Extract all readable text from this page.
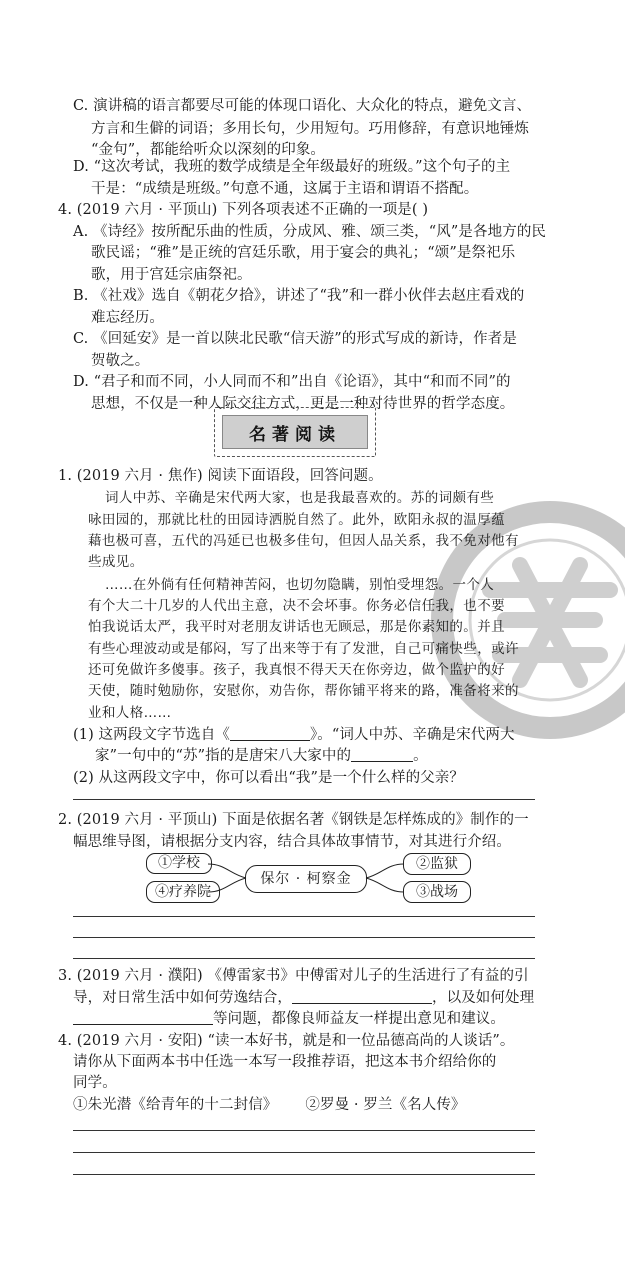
C. 演讲稿的语言都要尽可能的体现口语化、大众化的特点，避免文言、
方言和生僻的词语；多用长句，少用短句。巧用修辞，有意识地锤炼
“金句”，都能给听众以深刻的印象。
D. “这次考试，我班的数学成绩是全年级最好的班级。”这个句子的主
干是：“成绩是班级。”句意不通，这属于主语和谓语不搭配。
4. (2019 六月 · 平顶山) 下列各项表述不正确的一项是( )
A. 《诗经》按所配乐曲的性质，分成风、雅、颂三类，“风”是各地方的民
歌民谣；“雅”是正统的宫廷乐歌，用于宴会的典礼；“颂”是祭祀乐
歌，用于宫廷宗庙祭祀。
B. 《社戏》选自《朝花夕拾》，讲述了“我”和一群小伙伴去赵庄看戏的
难忘经历。
C. 《回延安》是一首以陕北民歌“信天游”的形式写成的新诗，作者是
贺敬之。
D. “君子和而不同，小人同而不和”出自《论语》，其中“和而不同”的
思想，不仅是一种人际交往方式，更是一种对待世界的哲学态度。
名著阅读
1. (2019 六月 · 焦作) 阅读下面语段，回答问题。
词人中苏、辛确是宋代两大家，也是我最喜欢的。苏的词颇有些
咏田园的，那就比杜的田园诗洒脱自然了。此外，欧阳永叔的温厚蕴
藉也极可喜，五代的冯延已也极多佳句，但因人品关系，我不免对他有
些成见。
……在外倘有任何精神苦闷，也切勿隐瞒，别怕受埋怨。一个人
有个大二十几岁的人代出主意，决不会坏事。你务必信任我，也不要
怕我说话太严，我平时对老朋友讲话也无顾忌，那是你素知的。并且
有些心理波动或是郁闷，写了出来等于有了发泄，自己可痛快些，或许
还可免做许多傻事。孩子，我真恨不得天天在你旁边，做个监护的好
天使，随时勉励你，安慰你，劝告你，帮你铺平将来的路，准备将来的
业和人格……
(1) 这两段文字节选自《	》。“词人中苏、辛确是宋代两大
家”一句中的“苏”指的是唐宋八大家中的	。
(2) 从这两段文字中，你可以看出“我”是一个什么样的父亲？
2. (2019 六月 · 平顶山) 下面是依据名著《钢铁是怎样炼成的》制作的一
幅思维导图，请根据分支内容，结合具体故事情节，对其进行介绍。
①学校
④疗养院
保尔 · 柯察金
②监狱
③战场
3. (2019 六月 · 濮阳) 《傅雷家书》中傅雷对儿子的生活进行了有益的引
导，对日常生活中如何劳逸结合，	，以及如何处理
等问题，都像良师益友一样提出意见和建议。
4. (2019 六月 · 安阳) “读一本好书，就是和一位品德高尚的人谈话”。
请你从下面两本书中任选一本写一段推荐语，把这本书介绍给你的
同学。
①朱光潜《给青年的十二封信》 ②罗曼 · 罗兰《名人传》
